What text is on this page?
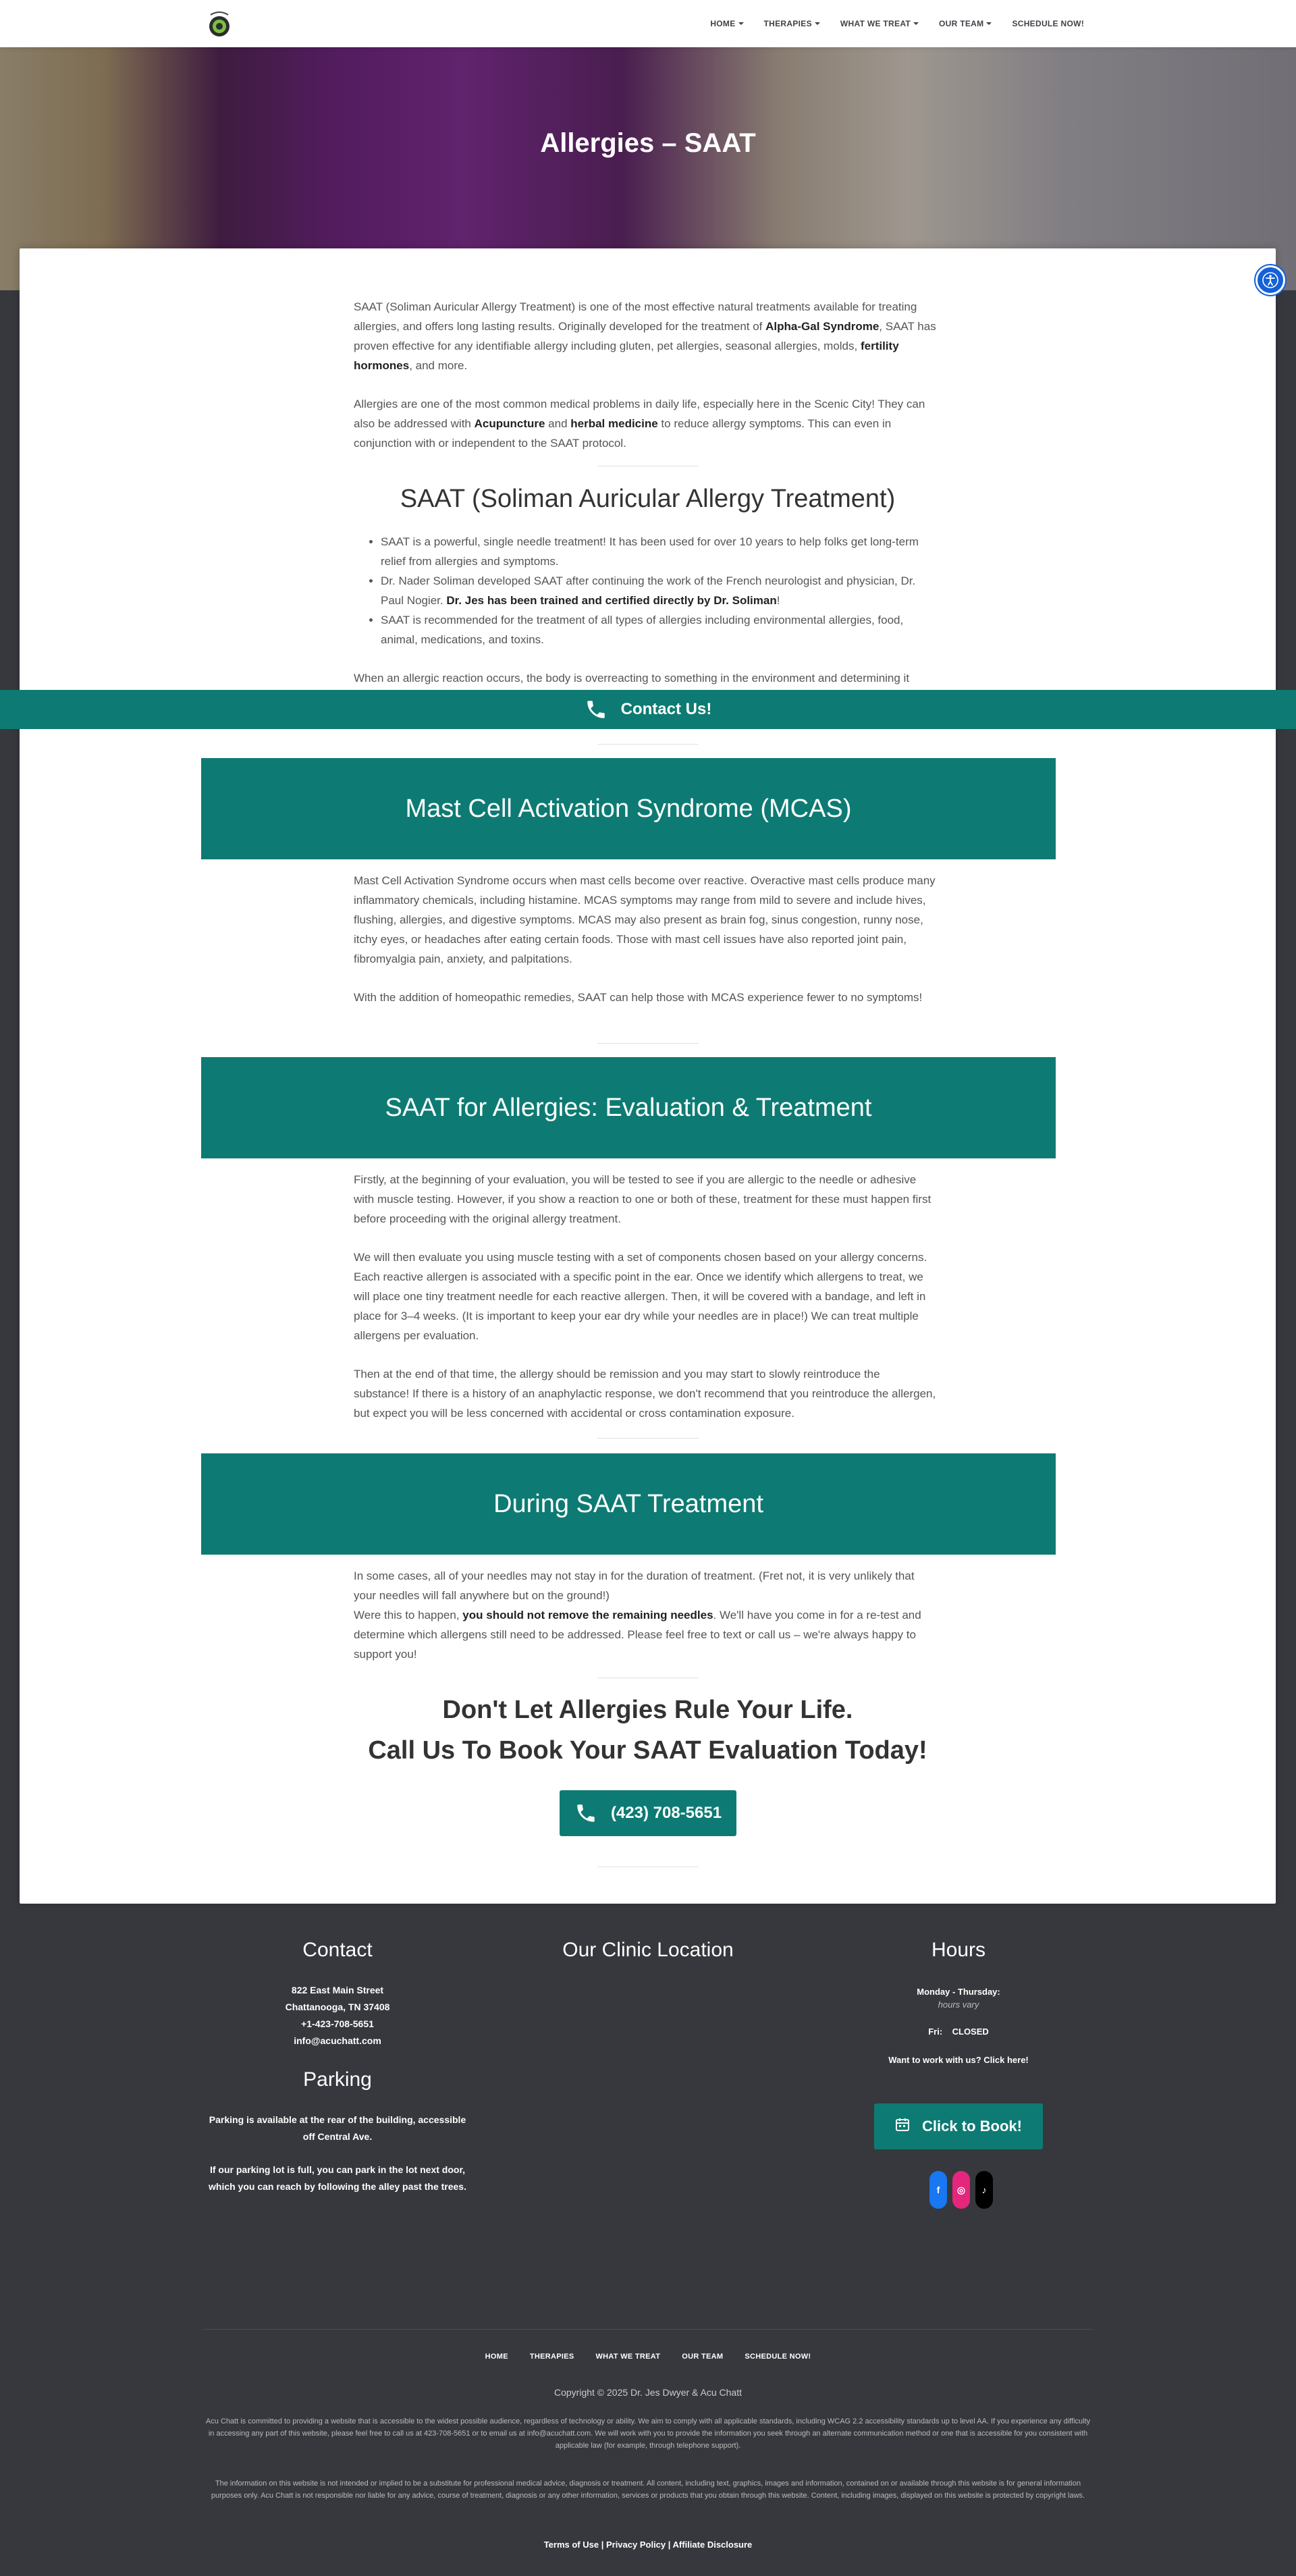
HOME	THERAPIES	WHAT WE TREAT	OUR TEAM	SCHEDULE NOW!
Allergies – SAAT

SAAT (Soliman Auricular Allergy Treatment) is one of the most effective natural treatments available for treating allergies, and offers long lasting results. Originally developed for the treatment of Alpha-Gal Syndrome, SAAT has proven effective for any identifiable allergy including gluten, pet allergies, seasonal allergies, molds, fertility hormones, and more.

Allergies are one of the most common medical problems in daily life, especially here in the Scenic City! They can also be addressed with Acupuncture and herbal medicine to reduce allergy symptoms. This can even in conjunction with or independent to the SAAT protocol.

SAAT (Soliman Auricular Allergy Treatment)
• SAAT is a powerful, single needle treatment! It has been used for over 10 years to help folks get long-term relief from allergies and symptoms.
• Dr. Nader Soliman developed SAAT after continuing the work of the French neurologist and physician, Dr. Paul Nogier. Dr. Jes has been trained and certified directly by Dr. Soliman!
• SAAT is recommended for the treatment of all types of allergies including environmental allergies, food, animal, medications, and toxins.

When an allergic reaction occurs, the body is overreacting to something in the environment and determining it

Contact Us!
Mast Cell Activation Syndrome (MCAS)

Mast Cell Activation Syndrome occurs when mast cells become over reactive. Overactive mast cells produce many inflammatory chemicals, including histamine. MCAS symptoms may range from mild to severe and include hives, flushing, allergies, and digestive symptoms. MCAS may also present as brain fog, sinus congestion, runny nose, itchy eyes, or headaches after eating certain foods. Those with mast cell issues have also reported joint pain, fibromyalgia pain, anxiety, and palpitations.

With the addition of homeopathic remedies, SAAT can help those with MCAS experience fewer to no symptoms!

SAAT for Allergies: Evaluation & Treatment

Firstly, at the beginning of your evaluation, you will be tested to see if you are allergic to the needle or adhesive with muscle testing. However, if you show a reaction to one or both of these, treatment for these must happen first before proceeding with the original allergy treatment.

We will then evaluate you using muscle testing with a set of components chosen based on your allergy concerns. Each reactive allergen is associated with a specific point in the ear. Once we identify which allergens to treat, we will place one tiny treatment needle for each reactive allergen. Then, it will be covered with a bandage, and left in place for 3–4 weeks. (It is important to keep your ear dry while your needles are in place!) We can treat multiple allergens per evaluation.

Then at the end of that time, the allergy should be remission and you may start to slowly reintroduce the substance! If there is a history of an anaphylactic response, we don't recommend that you reintroduce the allergen, but expect you will be less concerned with accidental or cross contamination exposure.

During SAAT Treatment

In some cases, all of your needles may not stay in for the duration of treatment. (Fret not, it is very unlikely that your needles will fall anywhere but on the ground!)

Were this to happen, you should not remove the remaining needles. We'll have you come in for a re-test and determine which allergens still need to be addressed. Please feel free to text or call us – we're always happy to support you!

Don't Let Allergies Rule Your Life.
Call Us To Book Your SAAT Evaluation Today!
(423) 708-5651
Contact
822 East Main Street
Chattanooga, TN 37408
+1-423-708-5651
info@acuchatt.com
Parking
Parking is available at the rear of the building, accessible off Central Ave.
If our parking lot is full, you can park in the lot next door, which you can reach by following the alley past the trees.
Our Clinic Location	Hours
Monday - Thursday:
hours vary
Fri: CLOSED
Want to work with us? Click here!
Click to Book!
f	◎	♪
HOME	THERAPIES	WHAT WE TREAT	OUR TEAM	SCHEDULE NOW!
Copyright © 2025 Dr. Jes Dwyer & Acu Chatt
Acu Chatt is committed to providing a website that is accessible to the widest possible audience, regardless of technology or ability. We aim to comply with all applicable standards, including WCAG 2.2 accessibility standards up to level AA. If you experience any difficulty in accessing any part of this website, please feel free to call us at 423-708-5651 or to email us at info@acuchatt.com. We will work with you to provide the information you seek through an alternate communication method or one that is accessible for you consistent with applicable law (for example, through telephone support).
The information on this website is not intended or implied to be a substitute for professional medical advice, diagnosis or treatment. All content, including text, graphics, images and information, contained on or available through this website is for general information purposes only. Acu Chatt is not responsible nor liable for any advice, course of treatment, diagnosis or any other information, services or products that you obtain through this website. Content, including images, displayed on this website is protected by copyright laws.
Terms of Use | Privacy Policy | Affiliate Disclosure
